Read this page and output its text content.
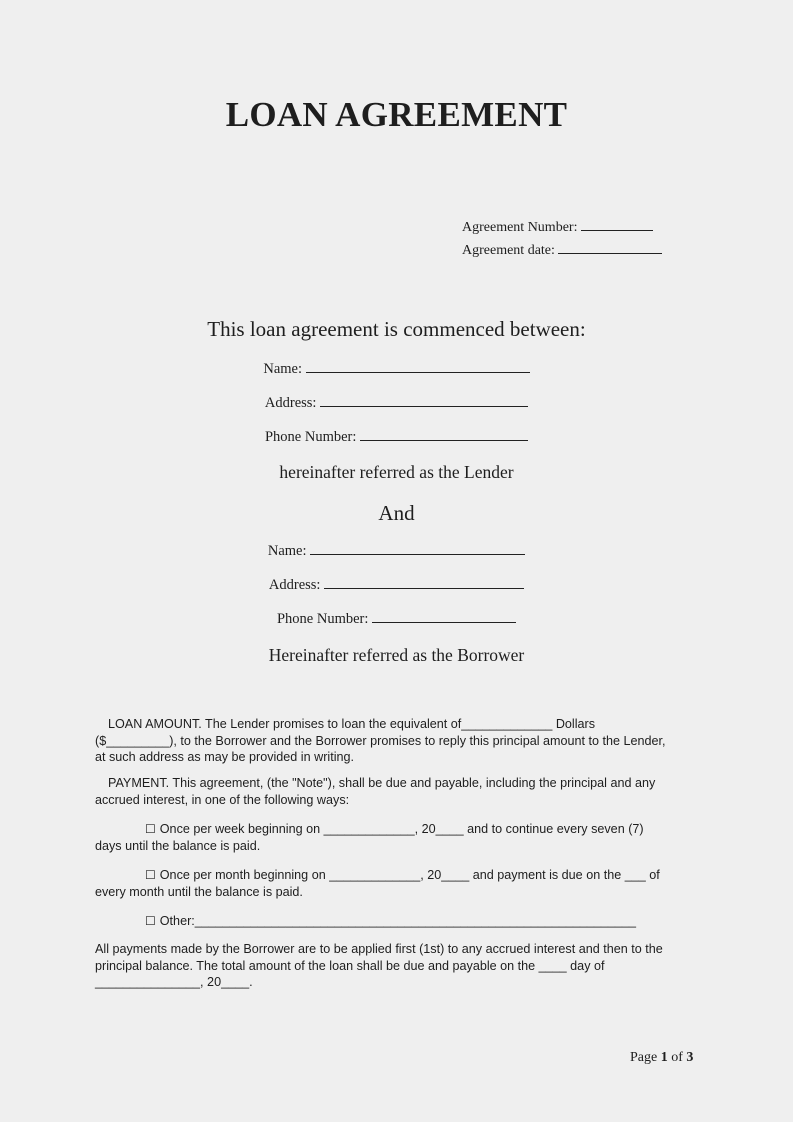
LOAN AGREEMENT
Agreement Number:
Agreement date:
This loan agreement is commenced between:
Name:
Address:
Phone Number:
hereinafter referred as the Lender
And
Name:
Address:
Phone Number:
Hereinafter referred as the Borrower
LOAN AMOUNT. The Lender promises to loan the equivalent of_____________ Dollars
($_________), to the Borrower and the Borrower promises to reply this principal amount to the Lender,
at such address as may be provided in writing.
PAYMENT. This agreement, (the "Note"), shall be due and payable, including the principal and any
accrued interest, in one of the following ways:
☐ Once per week beginning on _____________, 20____ and to continue every seven (7)
days until the balance is paid.
☐ Once per month beginning on _____________, 20____ and payment is due on the ___ of
every month until the balance is paid.
☐ Other:_______________________________________________________________
All payments made by the Borrower are to be applied first (1st) to any accrued interest and then to the
principal balance. The total amount of the loan shall be due and payable on the ____ day of
_______________, 20____.
Page 1 of 3
